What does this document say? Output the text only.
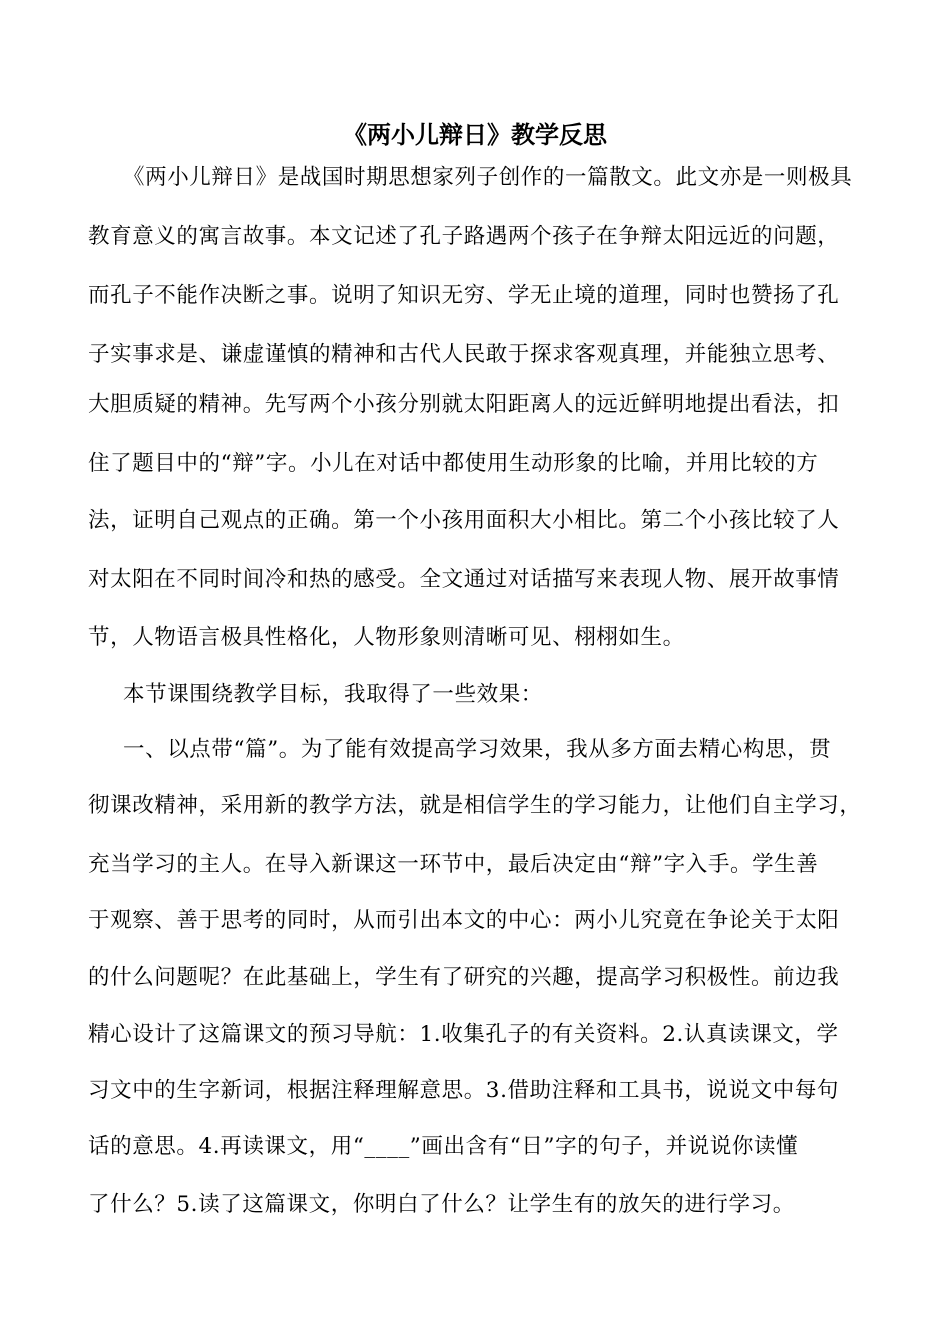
《两小儿辩日》教学反思
《两小儿辩日》是战国时期思想家列子创作的一篇散文。此文亦是一则极具
教育意义的寓言故事。本文记述了孔子路遇两个孩子在争辩太阳远近的问题，
而孔子不能作决断之事。说明了知识无穷、学无止境的道理，同时也赞扬了孔
子实事求是、谦虚谨慎的精神和古代人民敢于探求客观真理，并能独立思考、
大胆质疑的精神。先写两个小孩分别就太阳距离人的远近鲜明地提出看法，扣
住了题目中的“辩”字。小儿在对话中都使用生动形象的比喻，并用比较的方
法，证明自己观点的正确。第一个小孩用面积大小相比。第二个小孩比较了人
对太阳在不同时间冷和热的感受。全文通过对话描写来表现人物、展开故事情
节，人物语言极具性格化，人物形象则清晰可见、栩栩如生。
本节课围绕教学目标，我取得了一些效果：
一、以点带“篇”。为了能有效提高学习效果，我从多方面去精心构思，贯
彻课改精神，采用新的教学方法，就是相信学生的学习能力，让他们自主学习，
充当学习的主人。在导入新课这一环节中，最后决定由“辩”字入手。学生善
于观察、善于思考的同时，从而引出本文的中心：两小儿究竟在争论关于太阳
的什么问题呢？在此基础上，学生有了研究的兴趣，提高学习积极性。前边我
精心设计了这篇课文的预习导航：1.收集孔子的有关资料。2.认真读课文，学
习文中的生字新词，根据注释理解意思。3.借助注释和工具书，说说文中每句
话的意思。4.再读课文，用“____”画出含有“日”字的句子，并说说你读懂
了什么？5.读了这篇课文，你明白了什么？让学生有的放矢的进行学习。
